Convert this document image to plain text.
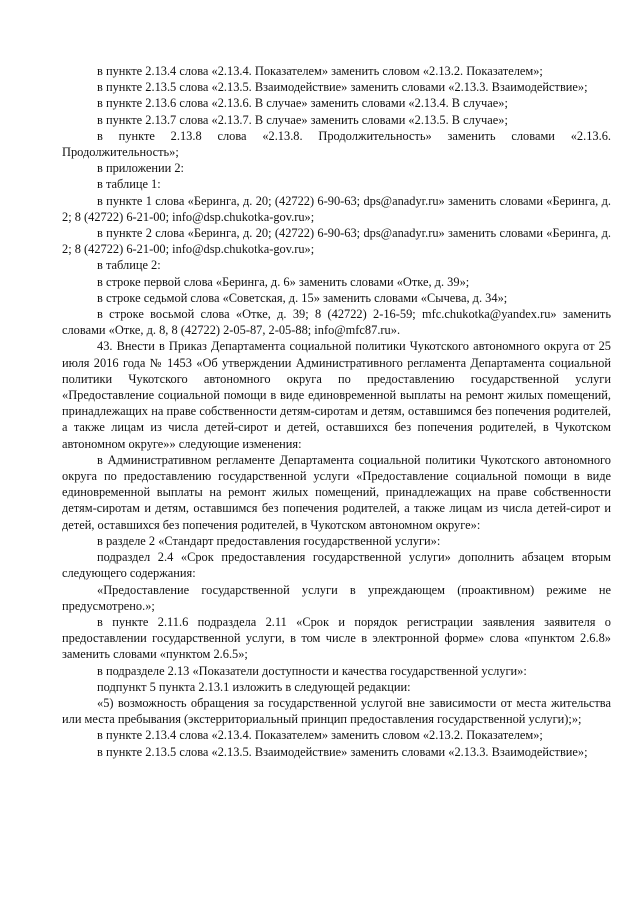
в пункте 2.13.4 слова «2.13.4. Показателем» заменить словом «2.13.2. Показателем»;

в пункте 2.13.5 слова «2.13.5. Взаимодействие» заменить словами «2.13.3. Взаимодействие»;

в пункте 2.13.6 слова «2.13.6. В случае» заменить словами «2.13.4. В случае»;

в пункте 2.13.7 слова «2.13.7. В случае» заменить словами «2.13.5. В случае»;

в пункте 2.13.8 слова «2.13.8. Продолжительность» заменить словами «2.13.6. Продолжительность»;

в приложении 2:

в таблице 1:

в пункте 1 слова «Беринга, д. 20; (42722) 6-90-63; dps@anadyr.ru» заменить словами «Беринга, д. 2; 8 (42722) 6-21-00; info@dsp.chukotka-gov.ru»;

в пункте 2 слова «Беринга, д. 20; (42722) 6-90-63; dps@anadyr.ru» заменить словами «Беринга, д. 2; 8 (42722) 6-21-00; info@dsp.chukotka-gov.ru»;

в таблице 2:

в строке первой слова «Беринга, д. 6» заменить словами «Отке, д. 39»;

в строке седьмой слова «Советская, д. 15» заменить словами «Сычева, д. 34»;

в строке восьмой слова «Отке, д. 39; 8 (42722) 2-16-59; mfc.chukotka@yandex.ru» заменить словами «Отке, д. 8, 8 (42722) 2-05-87, 2-05-88; info@mfc87.ru».

43. Внести в Приказ Департамента социальной политики Чукотского автономного округа от 25 июля 2016 года № 1453 «Об утверждении Административного регламента Департамента социальной политики Чукотского автономного округа по предоставлению государственной услуги «Предоставление социальной помощи в виде единовременной выплаты на ремонт жилых помещений, принадлежащих на праве собственности детям-сиротам и детям, оставшимся без попечения родителей, а также лицам из числа детей-сирот и детей, оставшихся без попечения родителей, в Чукотском автономном округе»» следующие изменения:

в Административном регламенте Департамента социальной политики Чукотского автономного округа по предоставлению государственной услуги «Предоставление социальной помощи в виде единовременной выплаты на ремонт жилых помещений, принадлежащих на праве собственности детям-сиротам и детям, оставшимся без попечения родителей, а также лицам из числа детей-сирот и детей, оставшихся без попечения родителей, в Чукотском автономном округе»:

в разделе 2 «Стандарт предоставления государственной услуги»:

подраздел 2.4 «Срок предоставления государственной услуги» дополнить абзацем вторым следующего содержания:

«Предоставление государственной услуги в упреждающем (проактивном) режиме не предусмотрено.»;

в пункте 2.11.6 подраздела 2.11 «Срок и порядок регистрации заявления заявителя о предоставлении государственной услуги, в том числе в электронной форме» слова «пунктом 2.6.8» заменить словами «пунктом 2.6.5»;

в подразделе 2.13 «Показатели доступности и качества государственной услуги»:

подпункт 5 пункта 2.13.1 изложить в следующей редакции:

«5) возможность обращения за государственной услугой вне зависимости от места жительства или места пребывания (экстерриториальный принцип предоставления государственной услуги);»;

в пункте 2.13.4 слова «2.13.4. Показателем» заменить словом «2.13.2. Показателем»;

в пункте 2.13.5 слова «2.13.5. Взаимодействие» заменить словами «2.13.3. Взаимодействие»;
